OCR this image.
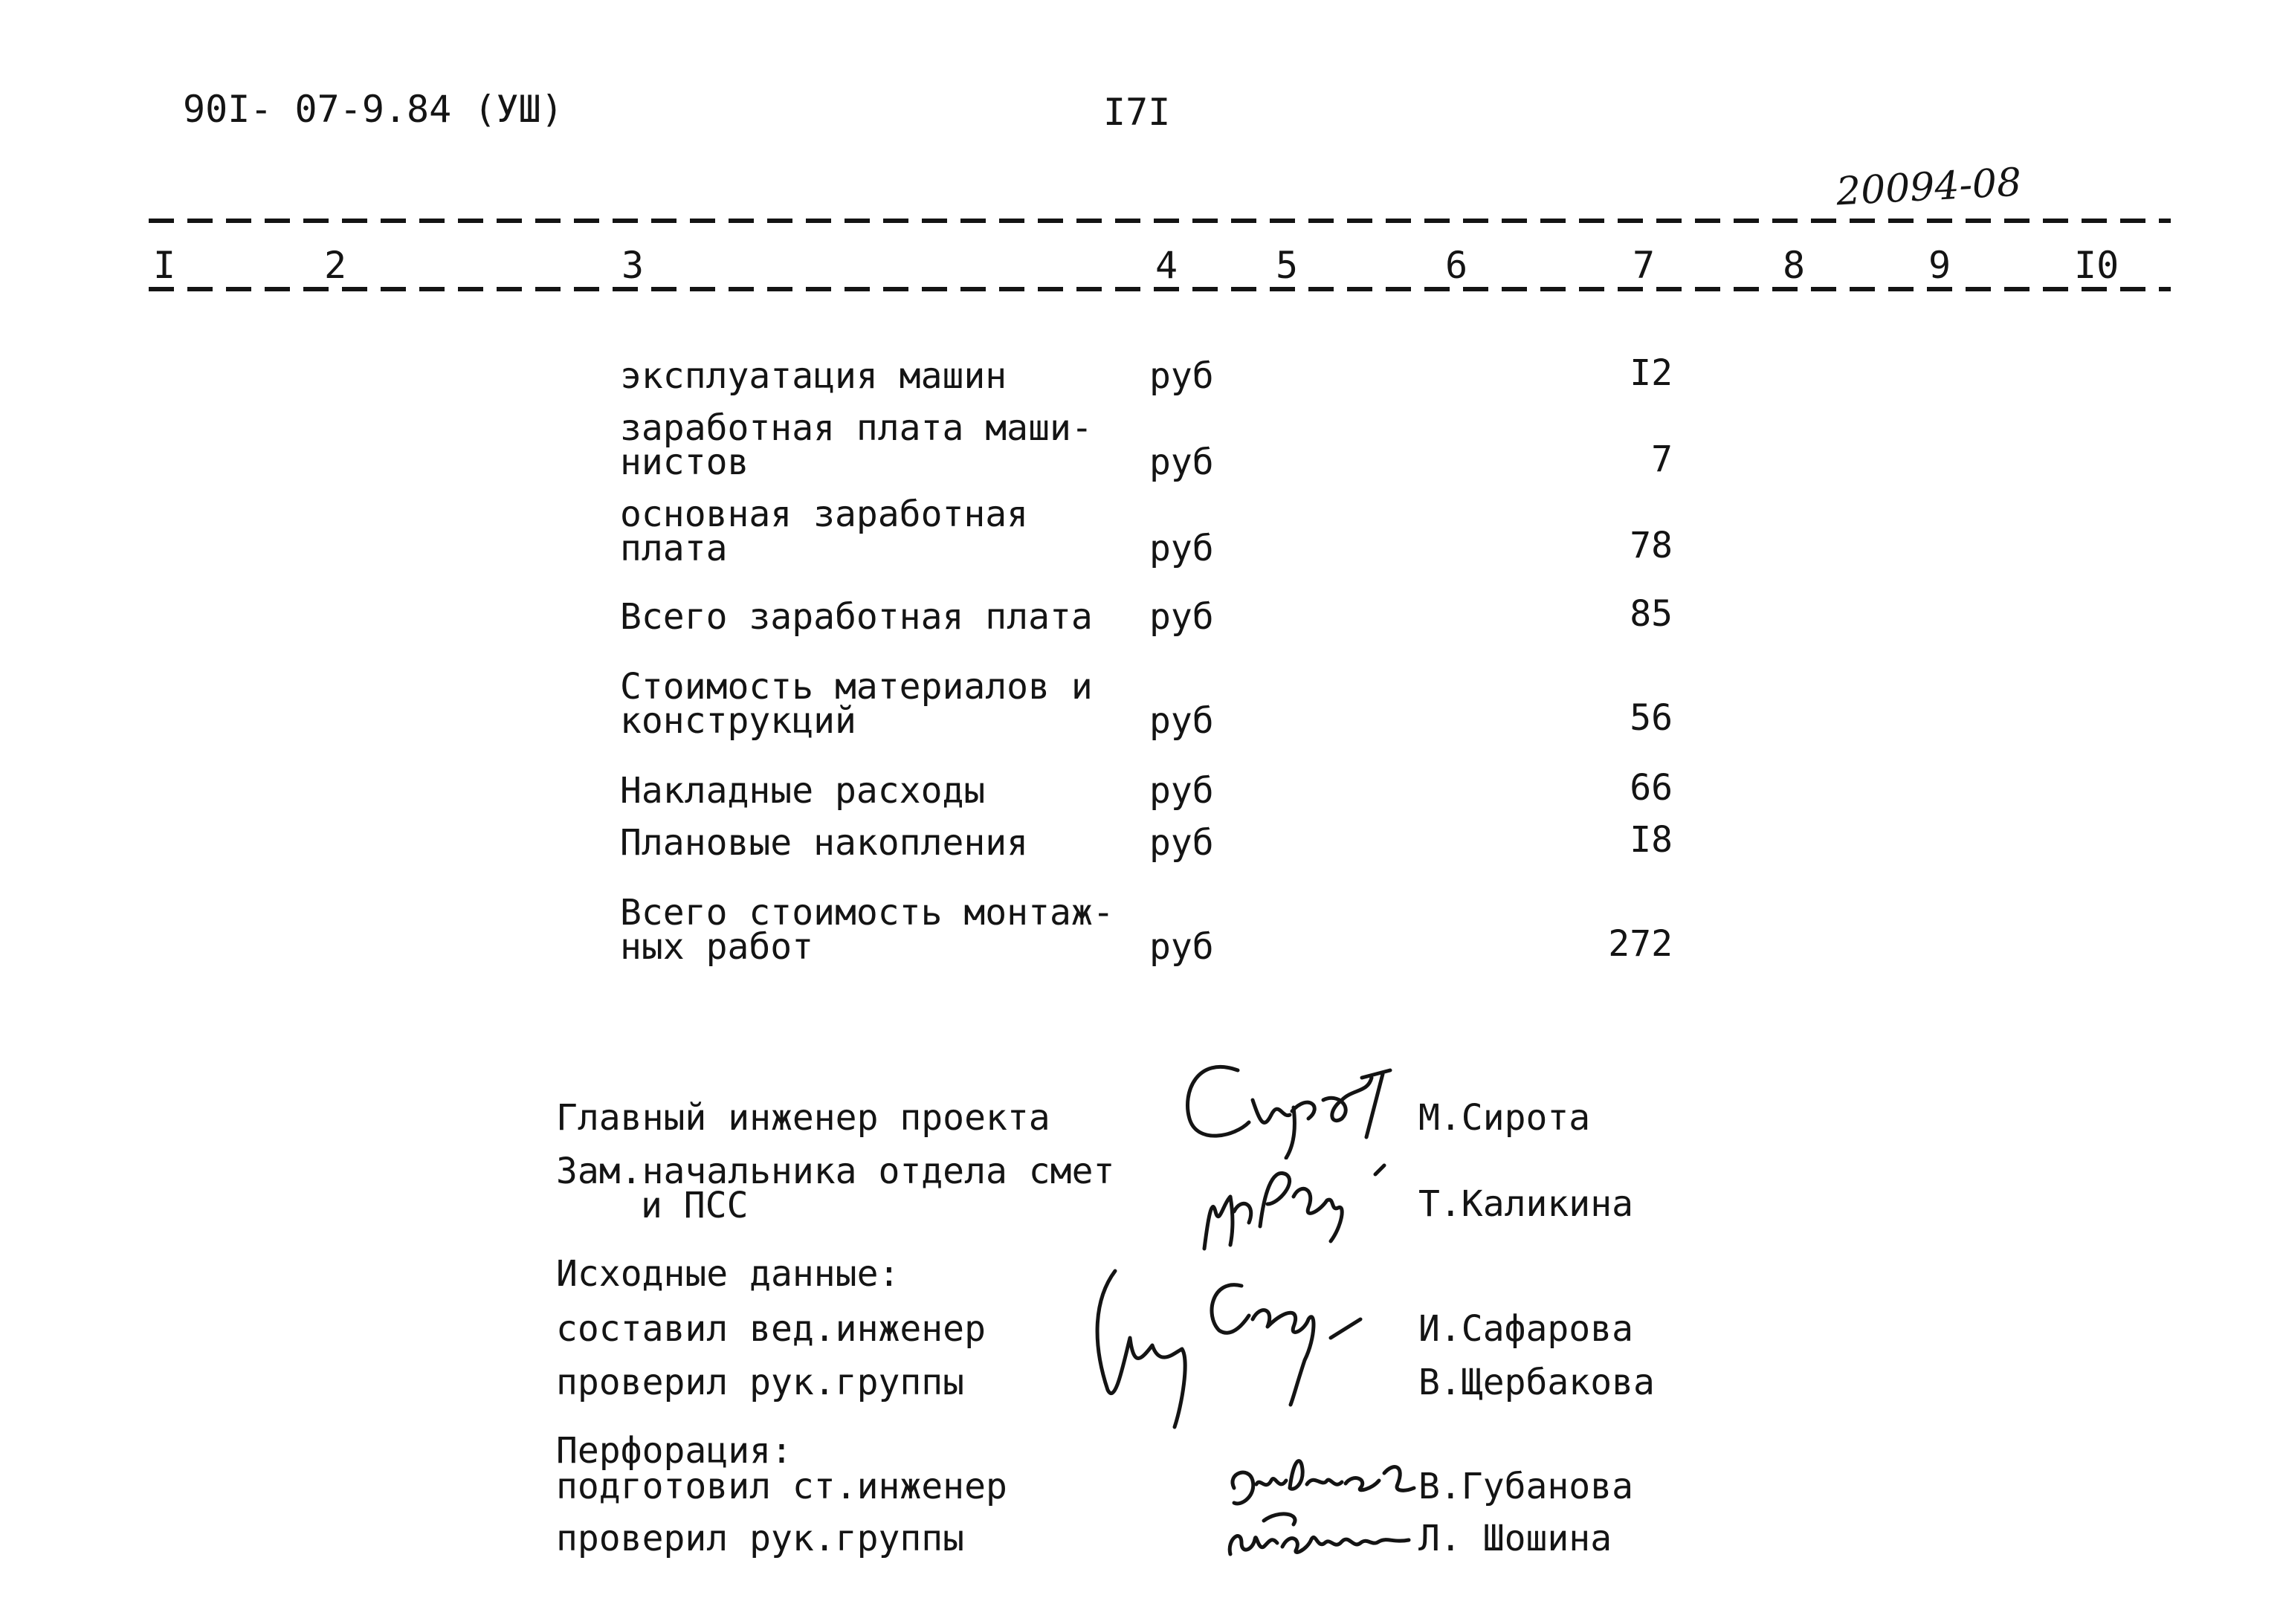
90I- 07-9.84 (УШ)	I7I
20094-08
I	2	3	4	5	6	7	8	9	I0
эксплуатация машин	руб	I2
заработная плата маши-
нистов	руб	7
основная заработная
плата	руб	78
Всего заработная плата руб	85
Стоимость материалов и
конструкций	руб	56
Накладные расходы	руб	66
Плановые накопления	руб	I8
Всего стоимость монтаж-
ных работ	руб	272
Главный инженер проекта	М.Сирота
Зам.начальника отдела смет
и ПСС	Т.Каликина
Исходные данные:
составил вед.инженер	И.Сафарова
проверил рук.группы	В.Щербакова
Перфорация:
подготовил ст.инженер	В.Губанова
проверил рук.группы	Л. Шошина
